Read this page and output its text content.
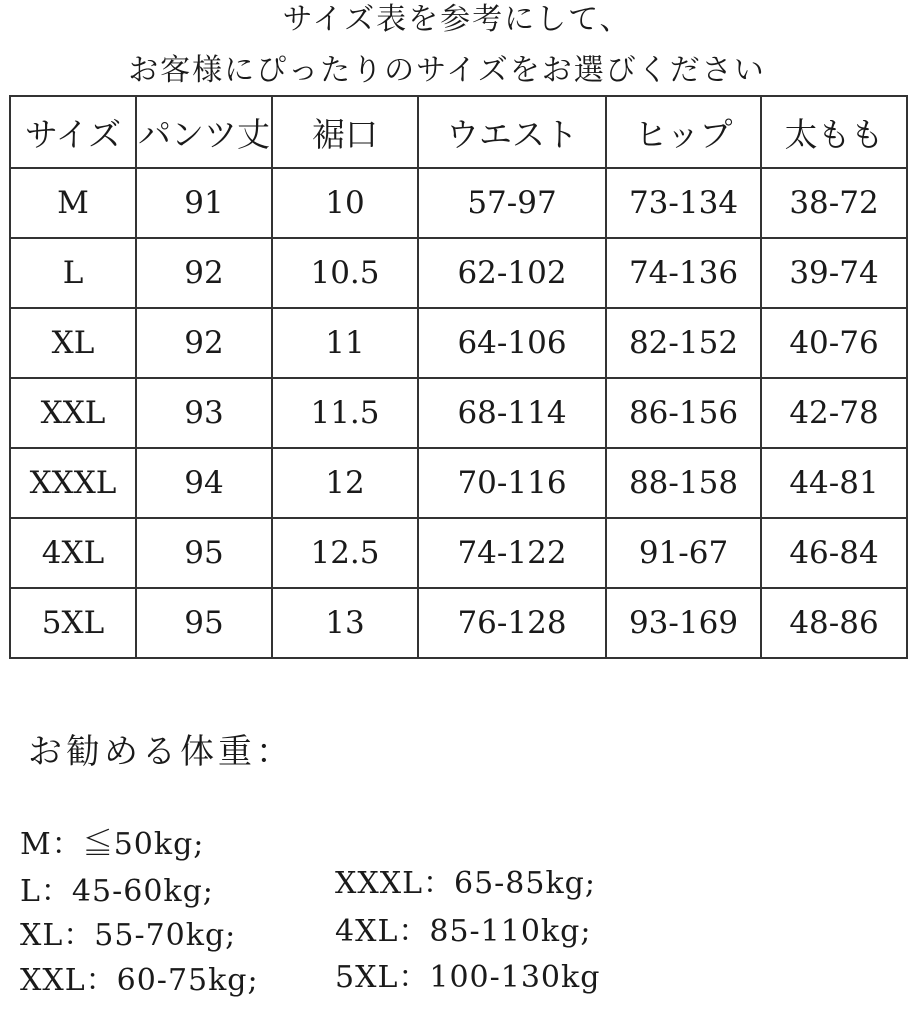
サイズ表を参考にして、
お客様にぴったりのサイズをお選びください
サイズ	パンツ丈	裾口	ウエスト	ヒップ	太もも
M	91	10	57-97	73-134	38-72
L	92	10.5	62-102	74-136	39-74
XL	92	11	64-106	82-152	40-76
XXL	93	11.5	68-114	86-156	42-78
XXXL	94	12	70-116	88-158	44-81
4XL	95	12.5	74-122	91-67	46-84
5XL	95	13	76-128	93-169	48-86
お勧める体重：
M：≦50kg;
L：45-60kg;
XL：55-70kg;
XXL：60-75kg;
XXXL：65-85kg;
4XL：85-110kg;
5XL：100-130kg
